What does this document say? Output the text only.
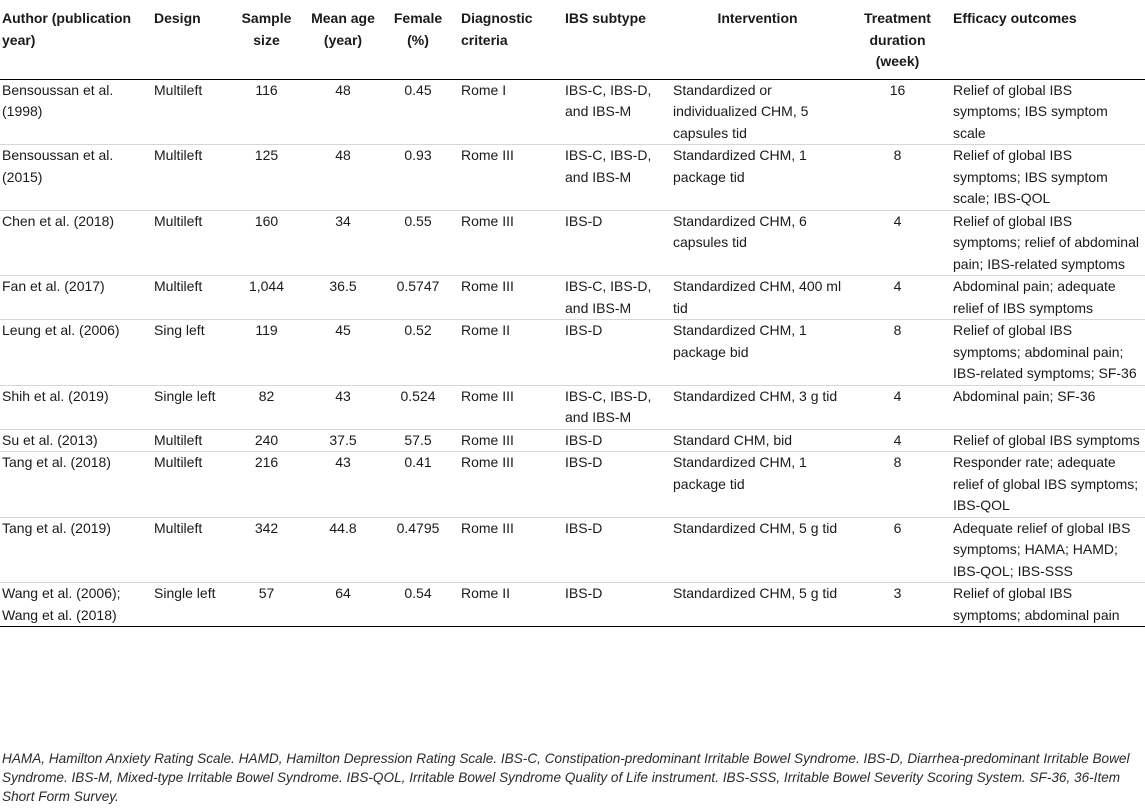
Author (publication year)	Design	Sample size	Mean age (year)	Female (%)	Diagnostic criteria	IBS subtype	Intervention	Treatment duration (week)	Efficacy outcomes
Bensoussan et al. (1998)	Multileft	116	48	0.45	Rome I	IBS-C, IBS-D, and IBS-M	Standardized or individualized CHM, 5 capsules tid	16	Relief of global IBS symptoms; IBS symptom scale
Bensoussan et al. (2015)	Multileft	125	48	0.93	Rome III	IBS-C, IBS-D, and IBS-M	Standardized CHM, 1 package tid	8	Relief of global IBS symptoms; IBS symptom scale; IBS-QOL
Chen et al. (2018)	Multileft	160	34	0.55	Rome III	IBS-D	Standardized CHM, 6 capsules tid	4	Relief of global IBS symptoms; relief of abdominal pain; IBS-related symptoms
Fan et al. (2017)	Multileft	1,044	36.5	0.5747	Rome III	IBS-C, IBS-D, and IBS-M	Standardized CHM, 400 ml tid	4	Abdominal pain; adequate relief of IBS symptoms
Leung et al. (2006)	Sing left	119	45	0.52	Rome II	IBS-D	Standardized CHM, 1 package bid	8	Relief of global IBS symptoms; abdominal pain; IBS-related symptoms; SF-36
Shih et al. (2019)	Single left	82	43	0.524	Rome III	IBS-C, IBS-D, and IBS-M	Standardized CHM, 3 g tid	4	Abdominal pain; SF-36
Su et al. (2013)	Multileft	240	37.5	57.5	Rome III	IBS-D	Standard CHM, bid	4	Relief of global IBS symptoms
Tang et al. (2018)	Multileft	216	43	0.41	Rome III	IBS-D	Standardized CHM, 1 package tid	8	Responder rate; adequate relief of global IBS symptoms; IBS-QOL
Tang et al. (2019)	Multileft	342	44.8	0.4795	Rome III	IBS-D	Standardized CHM, 5 g tid	6	Adequate relief of global IBS symptoms; HAMA; HAMD; IBS-QOL; IBS-SSS
Wang et al. (2006); Wang et al. (2018)	Single left	57	64	0.54	Rome II	IBS-D	Standardized CHM, 5 g tid	3	Relief of global IBS symptoms; abdominal pain
HAMA, Hamilton Anxiety Rating Scale. HAMD, Hamilton Depression Rating Scale. IBS-C, Constipation-predominant Irritable Bowel Syndrome. IBS-D, Diarrhea-predominant Irritable Bowel Syndrome. IBS-M, Mixed-type Irritable Bowel Syndrome. IBS-QOL, Irritable Bowel Syndrome Quality of Life instrument. IBS-SSS, Irritable Bowel Severity Scoring System. SF-36, 36-Item Short Form Survey.
